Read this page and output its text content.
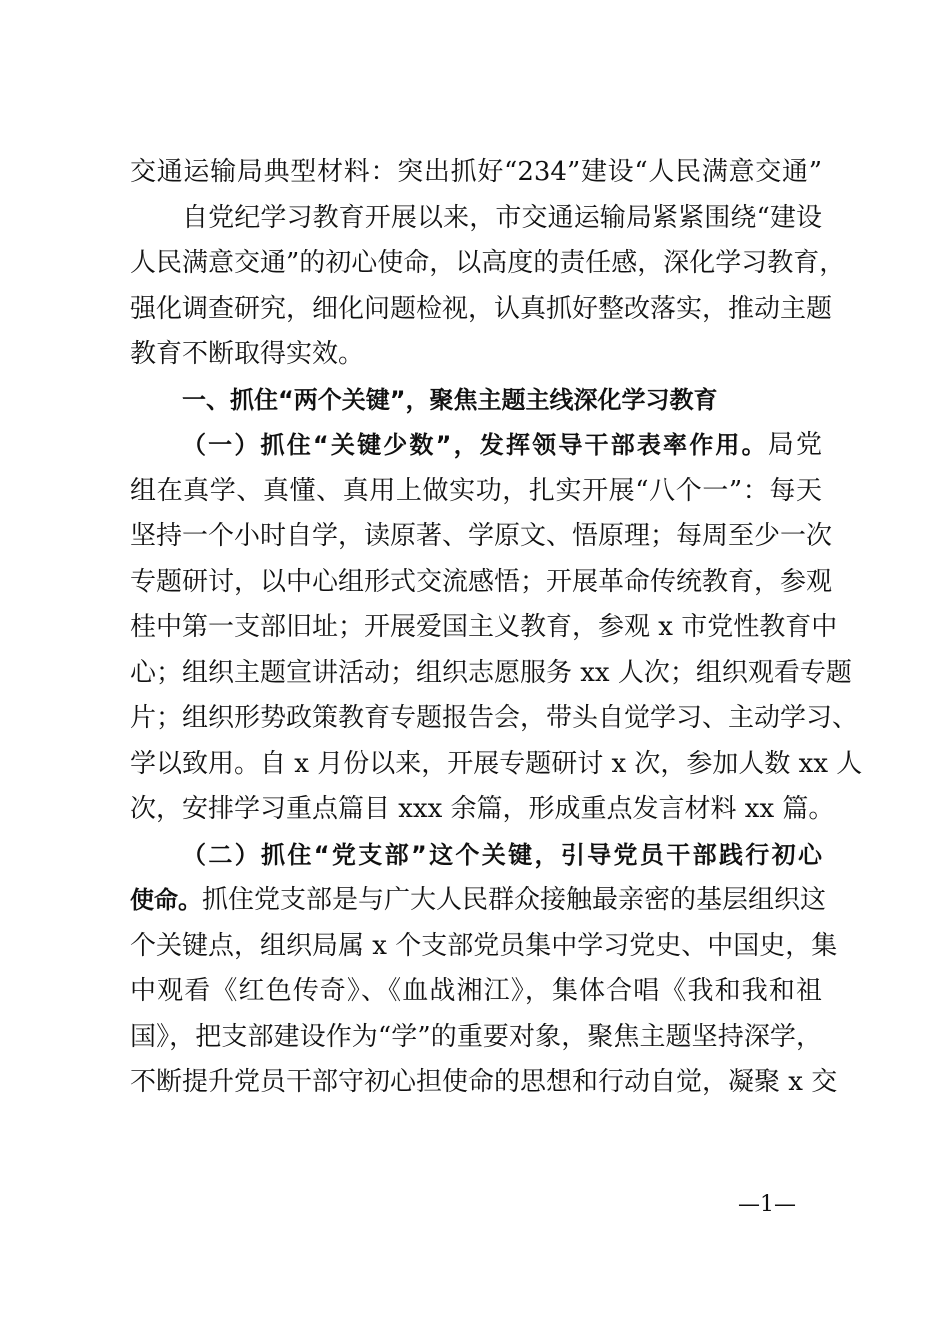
交通运输局典型材料：突出抓好“234”建设“人民满意交通”
自党纪学习教育开展以来，市交通运输局紧紧围绕“建设
人民满意交通”的初心使命，以高度的责任感，深化学习教育，
强化调查研究，细化问题检视，认真抓好整改落实，推动主题
教育不断取得实效。
一、抓住“两个关键”，聚焦主题主线深化学习教育
（一）抓住“关键少数”，发挥领导干部表率作用。局党
组在真学、真懂、真用上做实功，扎实开展“八个一”：每天
坚持一个小时自学，读原著、学原文、悟原理；每周至少一次
专题研讨，以中心组形式交流感悟；开展革命传统教育，参观
桂中第一支部旧址；开展爱国主义教育，参观 x 市党性教育中
心；组织主题宣讲活动；组织志愿服务 xx 人次；组织观看专题
片；组织形势政策教育专题报告会，带头自觉学习、主动学习、
学以致用。自 x 月份以来，开展专题研讨 x 次，参加人数 xx 人
次，安排学习重点篇目 xxx 余篇，形成重点发言材料 xx 篇。
（二）抓住“党支部”这个关键，引导党员干部践行初心
使命。抓住党支部是与广大人民群众接触最亲密的基层组织这
个关键点，组织局属 x 个支部党员集中学习党史、中国史，集
中观看《红色传奇》、《血战湘江》，集体合唱《我和我和祖
国》，把支部建设作为“学”的重要对象，聚焦主题坚持深学，
不断提升党员干部守初心担使命的思想和行动自觉，凝聚 x 交
—1—
